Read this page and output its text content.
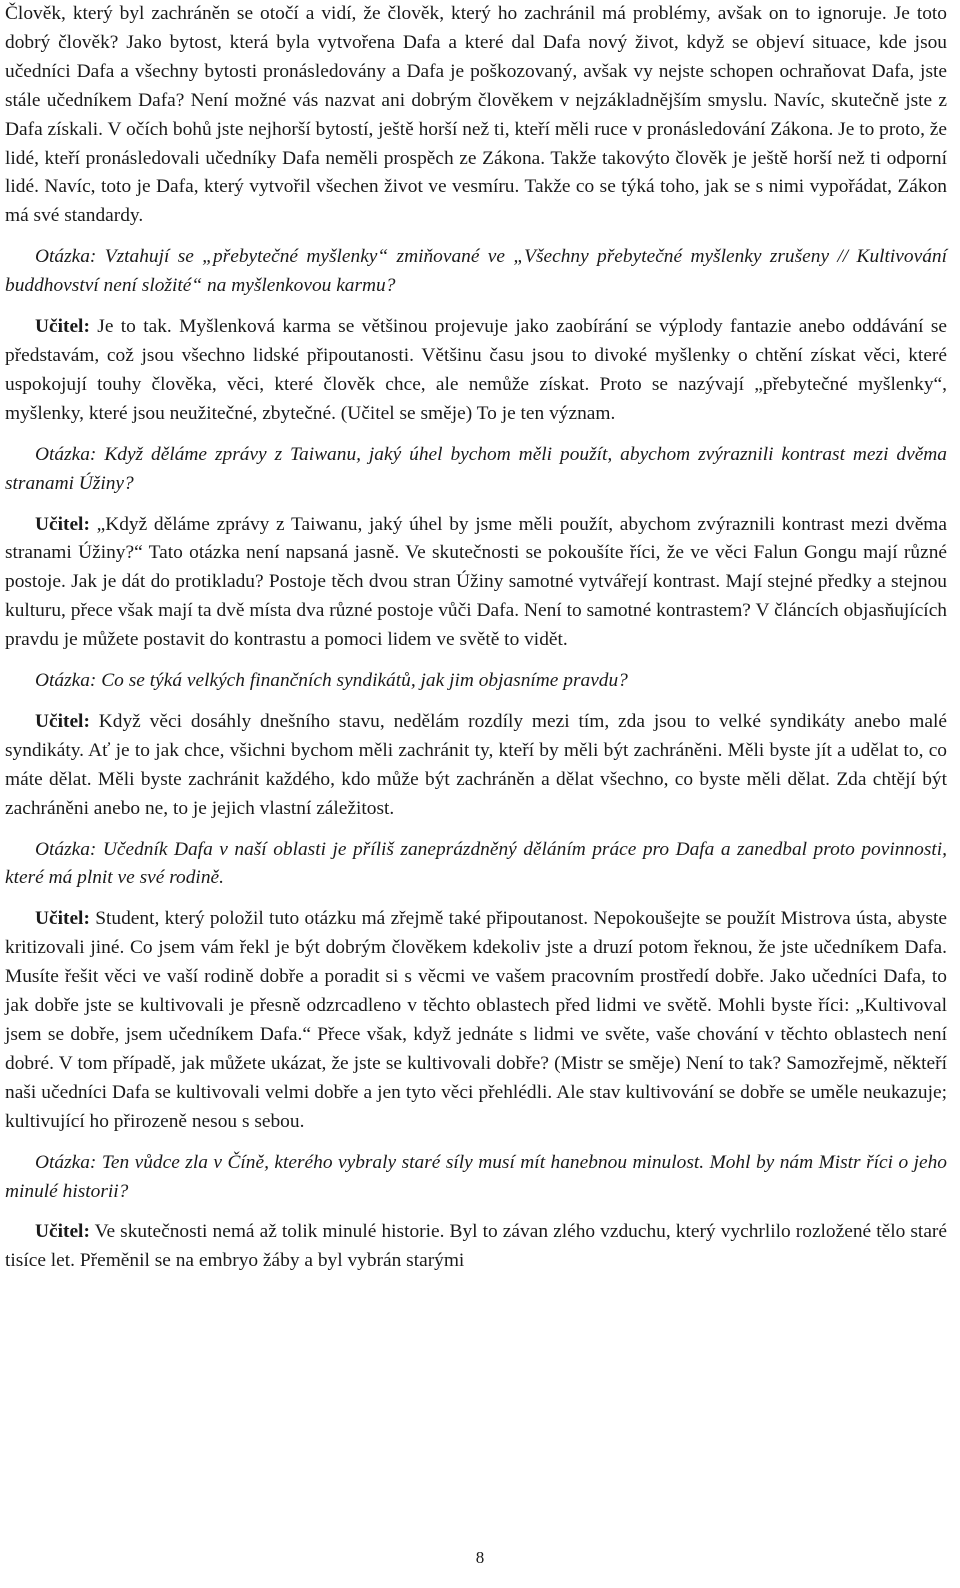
Člověk, který byl zachráněn se otočí a vidí, že člověk, který ho zachránil má problémy, avšak on to ignoruje. Je toto dobrý člověk? Jako bytost, která byla vytvořena Dafa a které dal Dafa nový život, když se objeví situace, kde jsou učedníci Dafa a všechny bytosti pronásledovány a Dafa je poškozovaný, avšak vy nejste schopen ochraňovat Dafa, jste stále učedníkem Dafa? Není možné vás nazvat ani dobrým člověkem v nejzákladnějším smyslu. Navíc, skutečně jste z Dafa získali. V očích bohů jste nejhorší bytostí, ještě horší než ti, kteří měli ruce v pronásledování Zákona. Je to proto, že lidé, kteří pronásledovali učedníky Dafa neměli prospěch ze Zákona. Takže takovýto člověk je ještě horší než ti odporní lidé. Navíc, toto je Dafa, který vytvořil všechen život ve vesmíru. Takže co se týká toho, jak se s nimi vypořádat, Zákon má své standardy.

Otázka: Vztahují se „přebytečné myšlenky“ zmiňované ve „Všechny přebytečné myšlenky zrušeny // Kultivování buddhovství není složité“ na myšlenkovou karmu?

Učitel: Je to tak. Myšlenková karma se většinou projevuje jako zaobírání se výplody fantazie anebo oddávání se představám, což jsou všechno lidské připoutanosti. Většinu času jsou to divoké myšlenky o chtění získat věci, které uspokojují touhy člověka, věci, které člověk chce, ale nemůže získat. Proto se nazývají „přebytečné myšlenky“, myšlenky, které jsou neužitečné, zbytečné. (Učitel se směje) To je ten význam.

Otázka: Když děláme zprávy z Taiwanu, jaký úhel bychom měli použít, abychom zvýraznili kontrast mezi dvěma stranami Úžiny?

Učitel: „Když děláme zprávy z Taiwanu, jaký úhel by jsme měli použít, abychom zvýraznili kontrast mezi dvěma stranami Úžiny?“ Tato otázka není napsaná jasně. Ve skutečnosti se pokoušíte říci, že ve věci Falun Gongu mají různé postoje. Jak je dát do protikladu? Postoje těch dvou stran Úžiny samotné vytvářejí kontrast. Mají stejné předky a stejnou kulturu, přece však mají ta dvě místa dva různé postoje vůči Dafa. Není to samotné kontrastem? V článcích objasňujících pravdu je můžete postavit do kontrastu a pomoci lidem ve světě to vidět.

Otázka: Co se týká velkých finančních syndikátů, jak jim objasníme pravdu?

Učitel: Když věci dosáhly dnešního stavu, nedělám rozdíly mezi tím, zda jsou to velké syndikáty anebo malé syndikáty. Ať je to jak chce, všichni bychom měli zachránit ty, kteří by měli být zachráněni. Měli byste jít a udělat to, co máte dělat. Měli byste zachránit každého, kdo může být zachráněn a dělat všechno, co byste měli dělat. Zda chtějí být zachráněni anebo ne, to je jejich vlastní záležitost.

Otázka: Učedník Dafa v naší oblasti je příliš zaneprázdněný děláním práce pro Dafa a zanedbal proto povinnosti, které má plnit ve své rodině.

Učitel: Student, který položil tuto otázku má zřejmě také připoutanost. Nepokoušejte se použít Mistrova ústa, abyste kritizovali jiné. Co jsem vám řekl je být dobrým člověkem kdekoliv jste a druzí potom řeknou, že jste učedníkem Dafa. Musíte řešit věci ve vaší rodině dobře a poradit si s věcmi ve vašem pracovním prostředí dobře. Jako učedníci Dafa, to jak dobře jste se kultivovali je přesně odzrcadleno v těchto oblastech před lidmi ve světě. Mohli byste říci: „Kultivoval jsem se dobře, jsem učedníkem Dafa.“ Přece však, když jednáte s lidmi ve světe, vaše chování v těchto oblastech není dobré. V tom případě, jak můžete ukázat, že jste se kultivovali dobře? (Mistr se směje) Není to tak? Samozřejmě, někteří naši učedníci Dafa se kultivovali velmi dobře a jen tyto věci přehlédli. Ale stav kultivování se dobře se uměle neukazuje; kultivující ho přirozeně nesou s sebou.

Otázka: Ten vůdce zla v Číně, kterého vybraly staré síly musí mít hanebnou minulost. Mohl by nám Mistr říci o jeho minulé historii?

Učitel: Ve skutečnosti nemá až tolik minulé historie. Byl to závan zlého vzduchu, který vychrlilo rozložené tělo staré tisíce let. Přeměnil se na embryo žáby a byl vybrán starými

8
